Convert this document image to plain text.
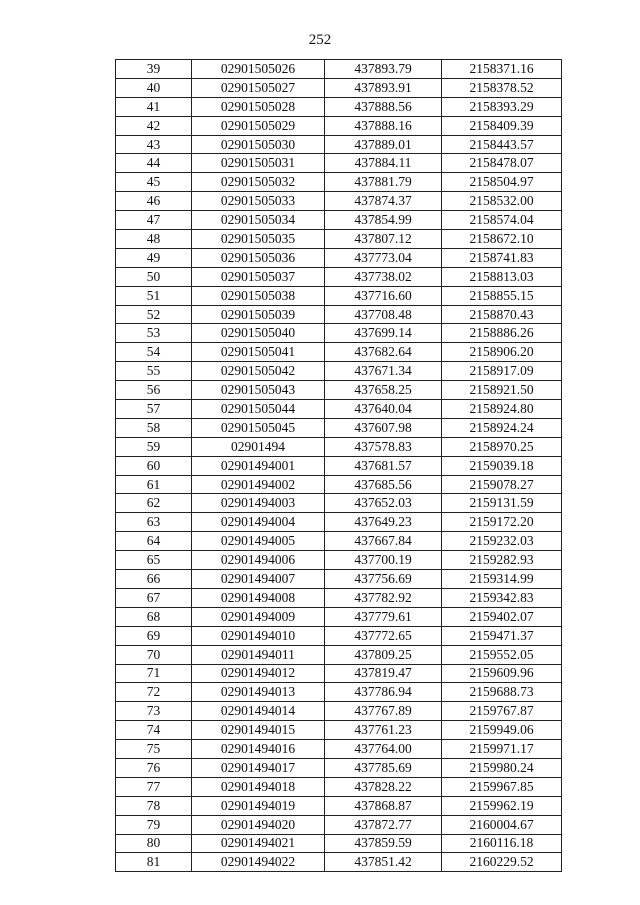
252
39	02901505026	437893.79	2158371.16
40	02901505027	437893.91	2158378.52
41	02901505028	437888.56	2158393.29
42	02901505029	437888.16	2158409.39
43	02901505030	437889.01	2158443.57
44	02901505031	437884.11	2158478.07
45	02901505032	437881.79	2158504.97
46	02901505033	437874.37	2158532.00
47	02901505034	437854.99	2158574.04
48	02901505035	437807.12	2158672.10
49	02901505036	437773.04	2158741.83
50	02901505037	437738.02	2158813.03
51	02901505038	437716.60	2158855.15
52	02901505039	437708.48	2158870.43
53	02901505040	437699.14	2158886.26
54	02901505041	437682.64	2158906.20
55	02901505042	437671.34	2158917.09
56	02901505043	437658.25	2158921.50
57	02901505044	437640.04	2158924.80
58	02901505045	437607.98	2158924.24
59	02901494	437578.83	2158970.25
60	02901494001	437681.57	2159039.18
61	02901494002	437685.56	2159078.27
62	02901494003	437652.03	2159131.59
63	02901494004	437649.23	2159172.20
64	02901494005	437667.84	2159232.03
65	02901494006	437700.19	2159282.93
66	02901494007	437756.69	2159314.99
67	02901494008	437782.92	2159342.83
68	02901494009	437779.61	2159402.07
69	02901494010	437772.65	2159471.37
70	02901494011	437809.25	2159552.05
71	02901494012	437819.47	2159609.96
72	02901494013	437786.94	2159688.73
73	02901494014	437767.89	2159767.87
74	02901494015	437761.23	2159949.06
75	02901494016	437764.00	2159971.17
76	02901494017	437785.69	2159980.24
77	02901494018	437828.22	2159967.85
78	02901494019	437868.87	2159962.19
79	02901494020	437872.77	2160004.67
80	02901494021	437859.59	2160116.18
81	02901494022	437851.42	2160229.52
